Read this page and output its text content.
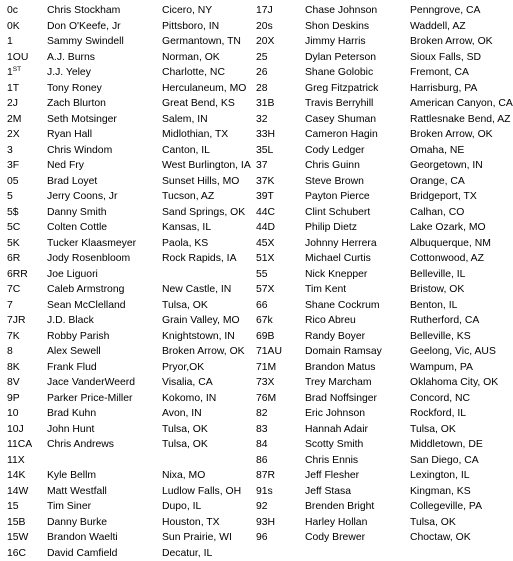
0c	Chris Stockham	Cicero, NY
0K	Don O'Keefe, Jr	Pittsboro, IN
1	Sammy Swindell	Germantown, TN
1OU	A.J. Burns	Norman, OK
1ST	J.J. Yeley	Charlotte, NC
1T	Tony Roney	Herculaneum, MO
2J	Zach Blurton	Great Bend, KS
2M	Seth Motsinger	Salem, IN
2X	Ryan Hall	Midlothian, TX
3	Chris Windom	Canton, IL
3F	Ned Fry	West Burlington, IA
05	Brad Loyet	Sunset Hills, MO
5	Jerry Coons, Jr	Tucson, AZ
5$	Danny Smith	Sand Springs, OK
5C	Colten Cottle	Kansas, IL
5K	Tucker Klaasmeyer	Paola, KS
6R	Jody Rosenbloom	Rock Rapids, IA
6RR	Joe Liguori
7C	Caleb Armstrong	New Castle, IN
7	Sean McClelland	Tulsa, OK
7JR	J.D. Black	Grain Valley, MO
7K	Robby Parish	Knightstown, IN
8	Alex Sewell	Broken Arrow, OK
8K	Frank Flud	Pryor,OK
8V	Jace VanderWeerd	Visalia, CA
9P	Parker Price-Miller	Kokomo, IN
10	Brad Kuhn	Avon, IN
10J	John Hunt	Tulsa, OK
11CA	Chris Andrews	Tulsa, OK
11X
14K	Kyle Bellm	Nixa, MO
14W	Matt Westfall	Ludlow Falls, OH
15	Tim Siner	Dupo, IL
15B	Danny Burke	Houston, TX
15W	Brandon Waelti	Sun Prairie, WI
16C	David Camfield	Decatur, IL
17J	Chase Johnson	Penngrove, CA
20s	Shon Deskins	Waddell, AZ
20X	Jimmy Harris	Broken Arrow, OK
25	Dylan Peterson	Sioux Falls, SD
26	Shane Golobic	Fremont, CA
28	Greg Fitzpatrick	Harrisburg, PA
31B	Travis Berryhill	American Canyon, CA
32	Casey Shuman	Rattlesnake Bend, AZ
33H	Cameron Hagin	Broken Arrow, OK
35L	Cody Ledger	Omaha, NE
37	Chris Guinn	Georgetown, IN
37K	Steve Brown	Orange, CA
39T	Payton Pierce	Bridgeport, TX
44C	Clint Schubert	Calhan, CO
44D	Philip Dietz	Lake Ozark, MO
45X	Johnny Herrera	Albuquerque, NM
51X	Michael Curtis	Cottonwood, AZ
55	Nick Knepper	Belleville, IL
57X	Tim Kent	Bristow, OK
66	Shane Cockrum	Benton, IL
67k	Rico Abreu	Rutherford, CA
69B	Randy Boyer	Belleville, KS
71AU	Domain Ramsay	Geelong, Vic, AUS
71M	Brandon Matus	Wampum, PA
73X	Trey Marcham	Oklahoma City, OK
76M	Brad Noffsinger	Concord, NC
82	Eric Johnson	Rockford, IL
83	Hannah Adair	Tulsa, OK
84	Scotty Smith	Middletown, DE
86	Chris Ennis	San Diego, CA
87R	Jeff Flesher	Lexington, IL
91s	Jeff Stasa	Kingman, KS
92	Brenden Bright	Collegeville, PA
93H	Harley Hollan	Tulsa, OK
96	Cody Brewer	Choctaw, OK
